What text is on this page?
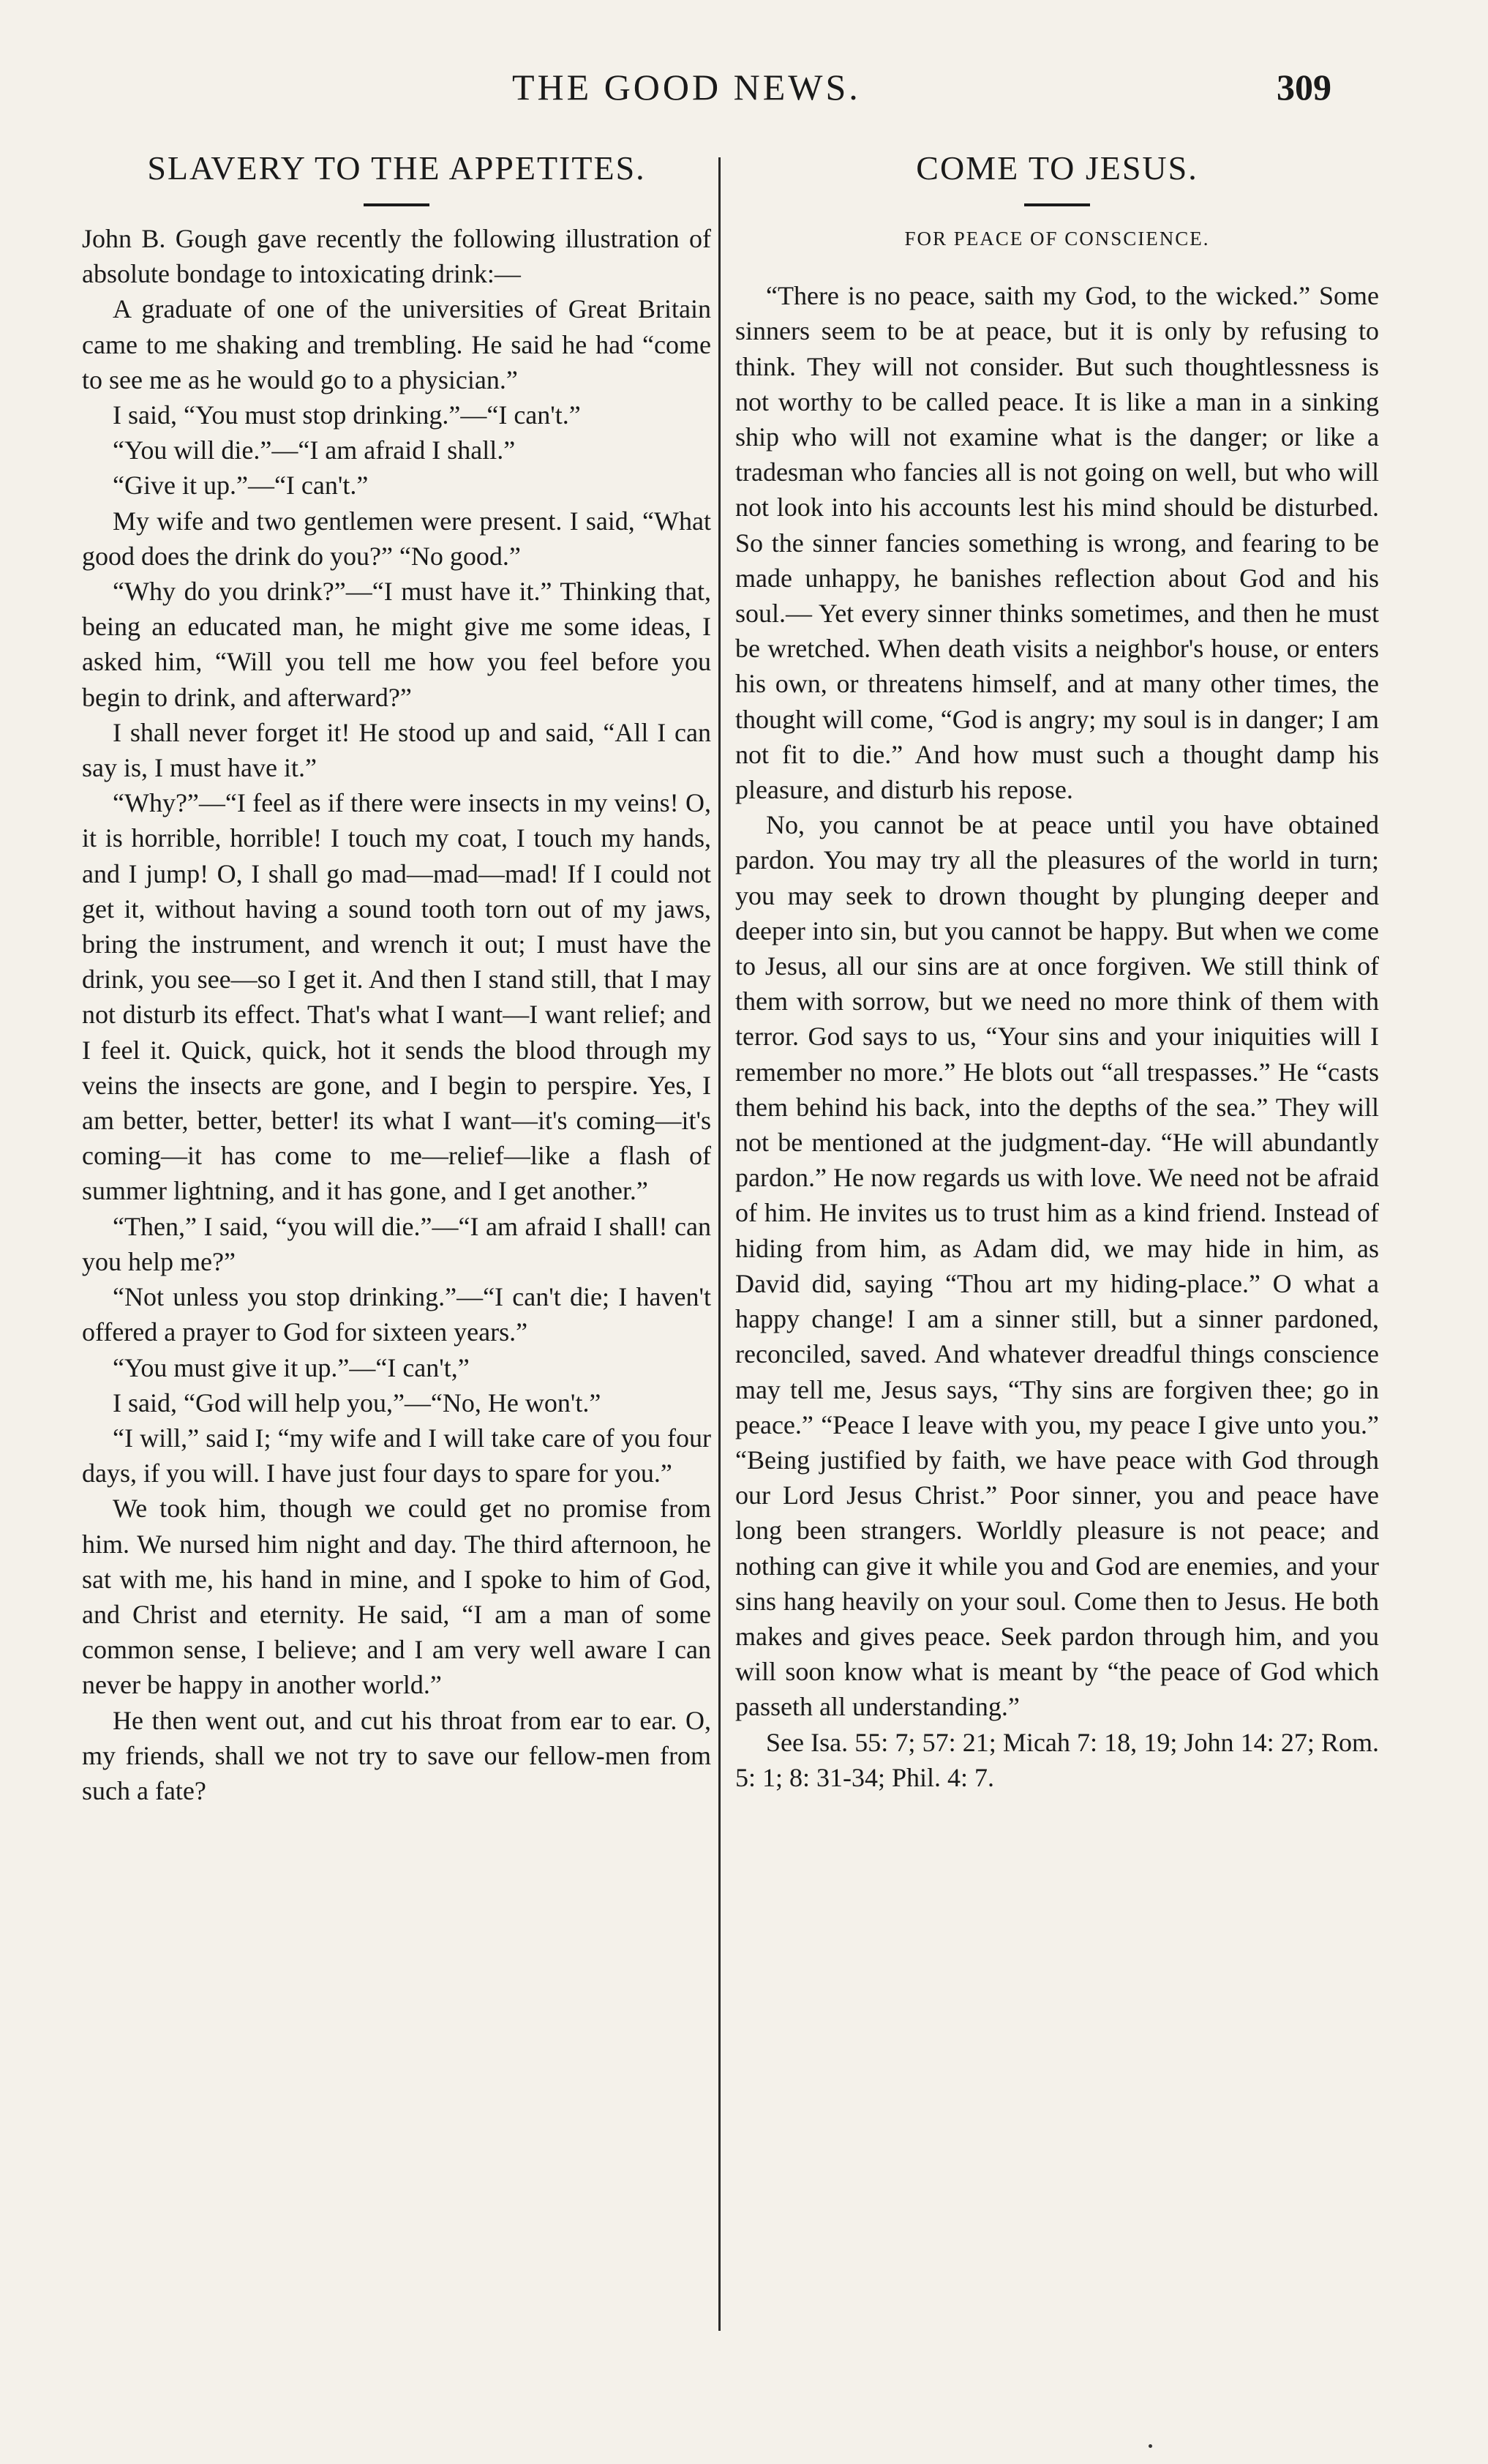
THE GOOD NEWS.	309
SLAVERY TO THE APPETITES.

John B. Gough gave recently the following illustration of absolute bondage to intoxicating drink:—

A graduate of one of the universities of Great Britain came to me shaking and trembling. He said he had “come to see me as he would go to a physician.”

I said, “You must stop drinking.”—“I can't.”

“You will die.”—“I am afraid I shall.”

“Give it up.”—“I can't.”

My wife and two gentlemen were present. I said, “What good does the drink do you?” “No good.”

“Why do you drink?”—“I must have it.” Thinking that, being an educated man, he might give me some ideas, I asked him, “Will you tell me how you feel before you begin to drink, and afterward?”

I shall never forget it! He stood up and said, “All I can say is, I must have it.”

“Why?”—“I feel as if there were insects in my veins! O, it is horrible, horrible! I touch my coat, I touch my hands, and I jump! O, I shall go mad—mad—mad! If I could not get it, without having a sound tooth torn out of my jaws, bring the instrument, and wrench it out; I must have the drink, you see—so I get it. And then I stand still, that I may not disturb its effect. That's what I want—I want relief; and I feel it. Quick, quick, hot it sends the blood through my veins the insects are gone, and I begin to perspire. Yes, I am better, better, better! its what I want—it's coming—it's coming—it has come to me—relief—like a flash of summer lightning, and it has gone, and I get another.”

“Then,” I said, “you will die.”—“I am afraid I shall! can you help me?”

“Not unless you stop drinking.”—“I can't die; I haven't offered a prayer to God for sixteen years.”

“You must give it up.”—“I can't,”

I said, “God will help you,”—“No, He won't.”

“I will,” said I; “my wife and I will take care of you four days, if you will. I have just four days to spare for you.”

We took him, though we could get no promise from him. We nursed him night and day. The third afternoon, he sat with me, his hand in mine, and I spoke to him of God, and Christ and eternity. He said, “I am a man of some common sense, I believe; and I am very well aware I can never be happy in another world.”

He then went out, and cut his throat from ear to ear. O, my friends, shall we not try to save our fellow-men from such a fate?

COME TO JESUS.
FOR PEACE OF CONSCIENCE.

“There is no peace, saith my God, to the wicked.” Some sinners seem to be at peace, but it is only by refusing to think. They will not consider. But such thoughtlessness is not worthy to be called peace. It is like a man in a sinking ship who will not examine what is the danger; or like a tradesman who fancies all is not going on well, but who will not look into his accounts lest his mind should be disturbed. So the sinner fancies something is wrong, and fearing to be made unhappy, he banishes reflection about God and his soul.— Yet every sinner thinks sometimes, and then he must be wretched. When death visits a neighbor's house, or enters his own, or threatens himself, and at many other times, the thought will come, “God is angry; my soul is in danger; I am not fit to die.” And how must such a thought damp his pleasure, and disturb his repose.

No, you cannot be at peace until you have obtained pardon. You may try all the pleasures of the world in turn; you may seek to drown thought by plunging deeper and deeper into sin, but you cannot be happy. But when we come to Jesus, all our sins are at once forgiven. We still think of them with sorrow, but we need no more think of them with terror. God says to us, “Your sins and your iniquities will I remember no more.” He blots out “all trespasses.” He “casts them behind his back, into the depths of the sea.” They will not be mentioned at the judgment-day. “He will abundantly pardon.” He now regards us with love. We need not be afraid of him. He invites us to trust him as a kind friend. Instead of hiding from him, as Adam did, we may hide in him, as David did, saying “Thou art my hiding-place.” O what a happy change! I am a sinner still, but a sinner pardoned, reconciled, saved. And whatever dreadful things conscience may tell me, Jesus says, “Thy sins are forgiven thee; go in peace.” “Peace I leave with you, my peace I give unto you.” “Being justified by faith, we have peace with God through our Lord Jesus Christ.” Poor sinner, you and peace have long been strangers. Worldly pleasure is not peace; and nothing can give it while you and God are enemies, and your sins hang heavily on your soul. Come then to Jesus. He both makes and gives peace. Seek pardon through him, and you will soon know what is meant by “the peace of God which passeth all understanding.”

See Isa. 55: 7; 57: 21; Micah 7: 18, 19; John 14: 27; Rom. 5: 1; 8: 31-34; Phil. 4: 7.
